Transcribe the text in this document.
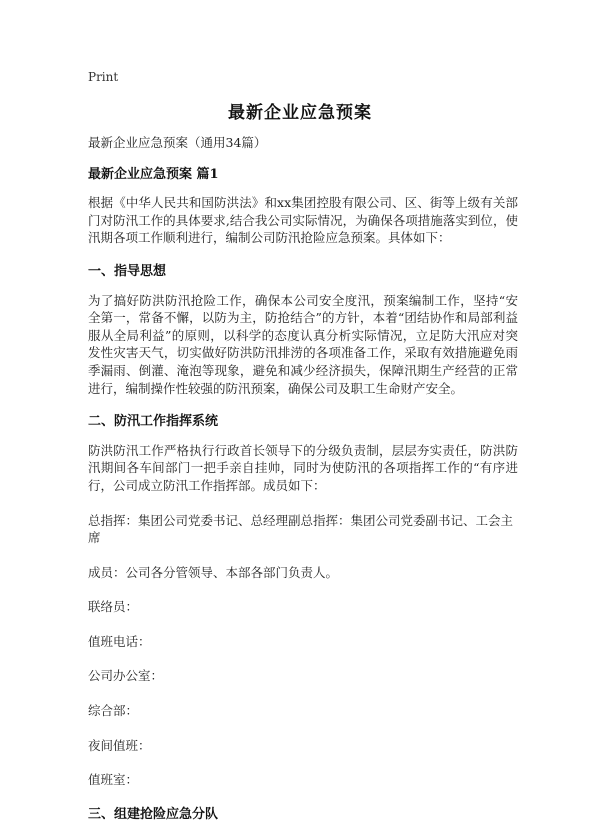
Print
最新企业应急预案

最新企业应急预案（通用34篇）

最新企业应急预案 篇1

根据《中华人民共和国防洪法》和xx集团控股有限公司、区、街等上级有关部门对防汛工作的具体要求,结合我公司实际情况，为确保各项措施落实到位，使汛期各项工作顺利进行，编制公司防汛抢险应急预案。具体如下：

一、指导思想

为了搞好防洪防汛抢险工作，确保本公司安全度汛，预案编制工作，坚持“安全第一，常备不懈，以防为主，防抢结合”的方针，本着“团结协作和局部利益服从全局利益”的原则，以科学的态度认真分析实际情况，立足防大汛应对突发性灾害天气，切实做好防洪防汛排涝的各项准备工作，采取有效措施避免雨季漏雨、倒灌、淹泡等现象，避免和减少经济损失，保障汛期生产经营的正常进行，编制操作性较强的防汛预案，确保公司及职工生命财产安全。

二、防汛工作指挥系统

防洪防汛工作严格执行行政首长领导下的分级负责制，层层夯实责任，防洪防汛期间各车间部门一把手亲自挂帅，同时为使防汛的各项指挥工作的“有序进行，公司成立防汛工作指挥部。成员如下：

总指挥：集团公司党委书记、总经理副总指挥：集团公司党委副书记、工会主席

成员：公司各分管领导、本部各部门负责人。

联络员：

值班电话：

公司办公室：

综合部：

夜间值班：

值班室：

三、组建抢险应急分队
